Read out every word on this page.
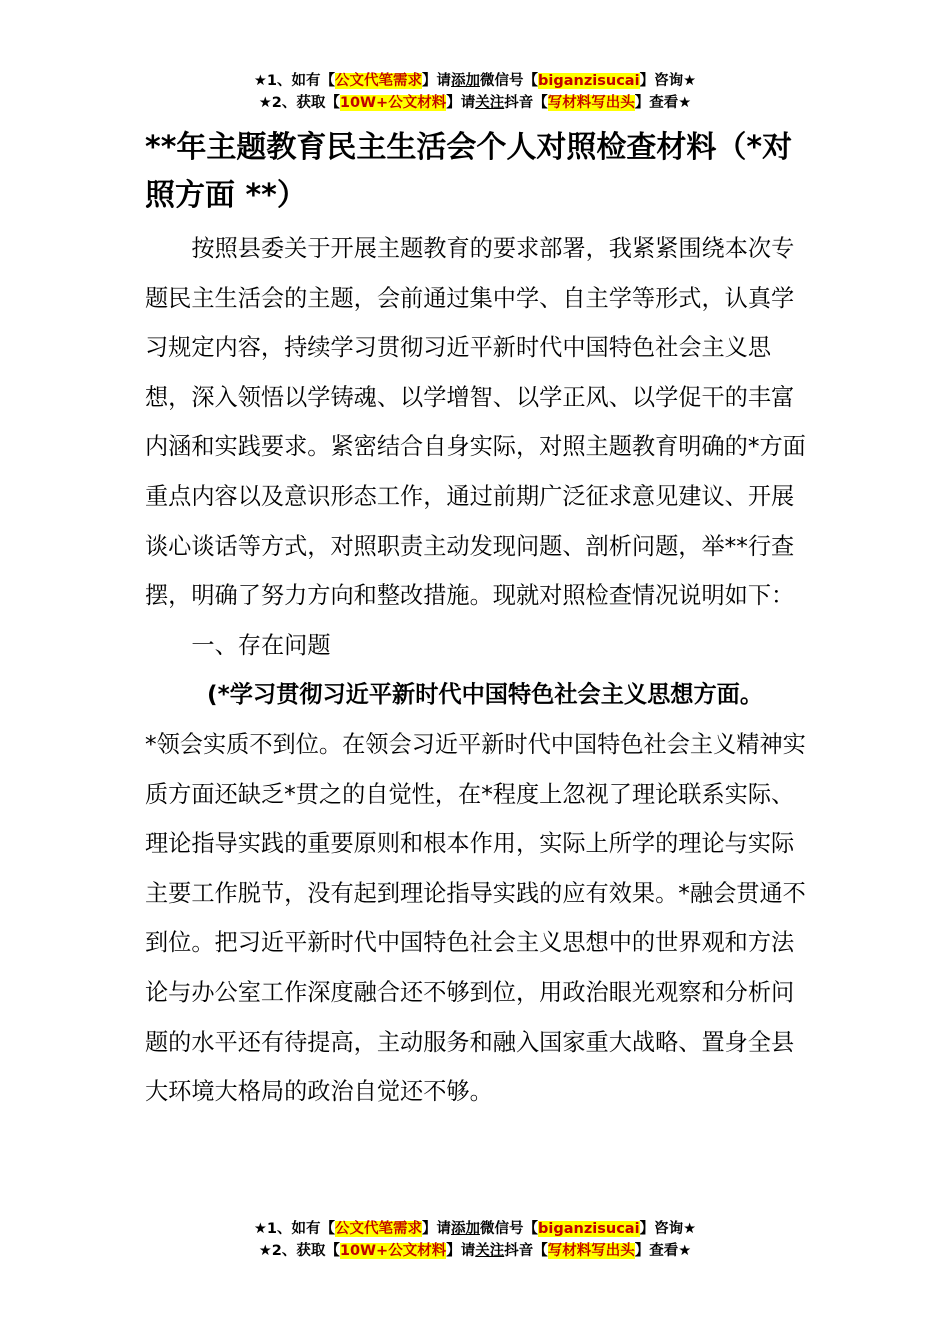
★1、如有【公文代笔需求】请添加微信号【biganzisucai】咨询★
★2、获取【10W+公文材料】请关注抖音【写材料写出头】查看★
**年主题教育民主生活会个人对照检查材料（*对照方面 **）

按照县委关于开展主题教育的要求部署，我紧紧围绕本次专题民主生活会的主题，会前通过集中学、自主学等形式，认真学习规定内容，持续学习贯彻习近平新时代中国特色社会主义思想，深入领悟以学铸魂、以学增智、以学正风、以学促干的丰富内涵和实践要求。紧密结合自身实际，对照主题教育明确的*方面重点内容以及意识形态工作，通过前期广泛征求意见建议、开展谈心谈话等方式，对照职责主动发现问题、剖析问题，举**行查摆，明确了努力方向和整改措施。现就对照检查情况说明如下：

一、存在问题

(*学习贯彻习近平新时代中国特色社会主义思想方面。
*领会实质不到位。在领会习近平新时代中国特色社会主义精神实质方面还缺乏*贯之的自觉性，在*程度上忽视了理论联系实际、理论指导实践的重要原则和根本作用，实际上所学的理论与实际主要工作脱节，没有起到理论指导实践的应有效果。*融会贯通不到位。把习近平新时代中国特色社会主义思想中的世界观和方法论与办公室工作深度融合还不够到位，用政治眼光观察和分析问题的水平还有待提高，主动服务和融入国家重大战略、置身全县大环境大格局的政治自觉还不够。

★1、如有【公文代笔需求】请添加微信号【biganzisucai】咨询★
★2、获取【10W+公文材料】请关注抖音【写材料写出头】查看★
